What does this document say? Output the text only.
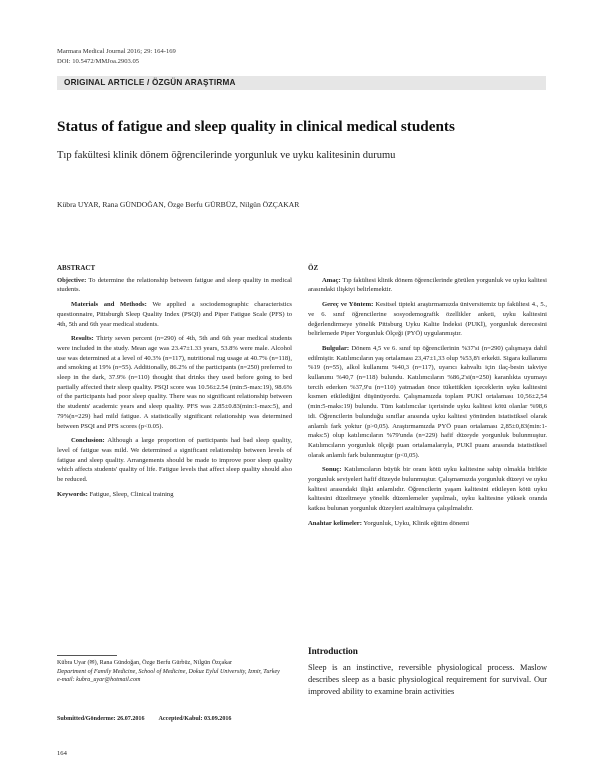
Marmara Medical Journal 2016; 29: 164-169
DOI: 10.5472/MMJoa.2903.05
ORIGINAL ARTICLE / ÖZGÜN ARAŞTIRMA
Status of fatigue and sleep quality in clinical medical students
Tıp fakültesi klinik dönem öğrencilerinde yorgunluk ve uyku kalitesinin durumu
Kübra UYAR, Rana GÜNDOĞAN, Özge Berfu GÜRBÜZ, Nilgün ÖZÇAKAR
ABSTRACT

Objective: To determine the relationship between fatigue and sleep quality in medical students.

Materials and Methods: We applied a sociodemographic characteristics questionnaire, Pittsburgh Sleep Quality Index (PSQI) and Piper Fatigue Scale (PFS) to 4th, 5th and 6th year medical students.

Results: Thirty seven percent (n=290) of 4th, 5th and 6th year medical students were included in the study. Mean age was 23.47±1.33 years, 53.8% were male. Alcohol use was determined at a level of 40.3% (n=117), nutritional rug usage at 40.7% (n=118), and smoking at 19% (n=55). Additionally, 86.2% of the participants (n=250) preferred to sleep in the dark, 37.9% (n=110) thought that drinks they used before going to bed partially affected their sleep quality. PSQI score was 10.56±2.54 (min:5-max:19), 98.6% of the participants had poor sleep quality. There was no significant relationship between the students' academic years and sleep quality. PFS was 2.85±0.83(min:1-max:5), and 79%(n=229) had mild fatigue. A statistically significant relationship was determined between PSQI and PFS scores (p<0.05).

Conclusion: Although a large proportion of participants had bad sleep quality, level of fatigue was mild. We determined a significant relationship between levels of fatigue and sleep quality. Arrangements should be made to improve poor sleep quality which affects students' quality of life. Fatigue levels that affect sleep quality should also be reduced.

Keywords: Fatigue, Sleep, Clinical training

ÖZ

Amaç: Tıp fakültesi klinik dönem öğrencilerinde görülen yorgunluk ve uyku kalitesi arasındaki ilişkiyi belirlemektir.

Gereç ve Yöntem: Kesitsel tipteki araştırmamızda üniversitemiz tıp fakültesi 4., 5., ve 6. sınıf öğrencilerine sosyodemografik özellikler anketi, uyku kalitesini değerlendirmeye yönelik Pittsburg Uyku Kalite İndeksi (PUKİ), yorgunluk derecesini belirlemede Piper Yorgunluk Ölçeği (PYÖ) uygulanmıştır.

Bulgular: Dönem 4,5 ve 6. sınıf tıp öğrencilerinin %37'si (n=290) çalışmaya dahil edilmiştir. Katılımcıların yaş ortalaması 23,47±1,33 olup %53,8'i erkekti. Sigara kullanımı %19 (n=55), alkol kullanımı %40,3 (n=117), uyarıcı kahvaltı için ilaç-besin takviye kullanımı %40,7 (n=118) bulundu. Katılımcıların %86,2'si(n=250) karanlıkta uyumayı tercih ederken %37,9'u (n=110) yatmadan önce tükettiklen içeceklerin uyku kalitesini kısmen etkilediğini düşünüyordu. Çalışmamızda toplam PUKİ ortalaması 10,56±2,54 (min:5-maks:19) bulundu. Tüm katılımcılar içerisinde uyku kalitesi kötü olanlar %98,6 idi. Öğrencilerin bulunduğu sınıflar arasında uyku kalitesi yönünden istatistiksel olarak anlamlı fark yoktur (p>0,05). Araştırmamızda PYÖ puan ortalaması 2,85±0,83(min:1-maks:5) olup katılımcıların %79'unda (n=229) hafif düzeyde yorgunluk bulunmuştur. Katılımcıların yorgunluk ölçeği puan ortalamalarıyla, PUKİ puanı arasında istatistiksel olarak anlamlı fark bulunmuştur (p<0,05).

Sonuç: Katılımcıların büyük bir oranı kötü uyku kalitesine sahip olmakla birlikte yorgunluk seviyeleri hafif düzeyde bulunmuştur. Çalışmamızda yorgunluk düzeyi ve uyku kalitesi arasındaki ilişki anlamlıdır. Öğrencilerin yaşam kalitesini etkileyen kötü uyku kalitesini düzeltmeye yönelik düzenlemeler yapılmalı, uyku kalitesine yüksek oranda katkısı bulunan yorgunluk düzeyleri azaltılmaya çalışılmalıdır.

Anahtar kelimeler: Yorgunluk, Uyku, Klinik eğitim dönemi

Kübra Uyar (✉), Rana Gündoğan, Özge Berfu Gürbüz, Nilgün Özçakar
Department of Family Medicine, School of Medicine, Dokuz Eylul University, Izmir, Turkey
e-mail: kubra_uyar@hotmail.com
Submitted/Gönderme: 26.07.2016 Accepted/Kabul: 03.09.2016
164
Introduction
Sleep is an instinctive, reversible physiological process. Maslow describes sleep as a basic physiological requirement for survival. Our improved ability to examine brain activities
